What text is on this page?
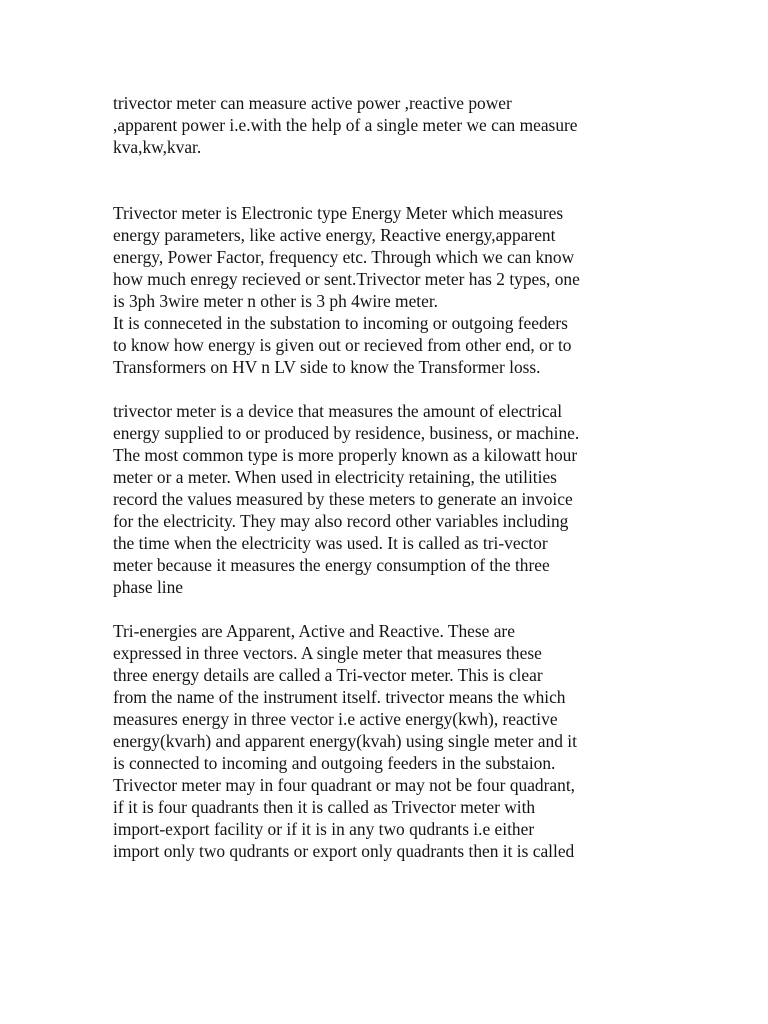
trivector meter can measure active power ,reactive power
,apparent power i.e.with the help of a single meter we can measure
kva,kw,kvar.
Trivector meter is Electronic type Energy Meter which measures
energy parameters, like active energy, Reactive energy,apparent
energy, Power Factor, frequency etc. Through which we can know
how much enregy recieved or sent.Trivector meter has 2 types, one
is 3ph 3wire meter n other is 3 ph 4wire meter.
It is conneceted in the substation to incoming or outgoing feeders
to know how energy is given out or recieved from other end, or to
Transformers on HV n LV side to know the Transformer loss.
trivector meter is a device that measures the amount of electrical
energy supplied to or produced by residence, business, or machine.
The most common type is more properly known as a kilowatt hour
meter or a meter. When used in electricity retaining, the utilities
record the values measured by these meters to generate an invoice
for the electricity. They may also record other variables including
the time when the electricity was used. It is called as tri-vector
meter because it measures the energy consumption of the three
phase line
Tri-energies are Apparent, Active and Reactive. These are
expressed in three vectors. A single meter that measures these
three energy details are called a Tri-vector meter. This is clear
from the name of the instrument itself. trivector means the which
measures energy in three vector i.e active energy(kwh), reactive
energy(kvarh) and apparent energy(kvah) using single meter and it
is connected to incoming and outgoing feeders in the substaion.
Trivector meter may in four quadrant or may not be four quadrant,
if it is four quadrants then it is called as Trivector meter with
import-export facility or if it is in any two qudrants i.e either
import only two qudrants or export only quadrants then it is called
